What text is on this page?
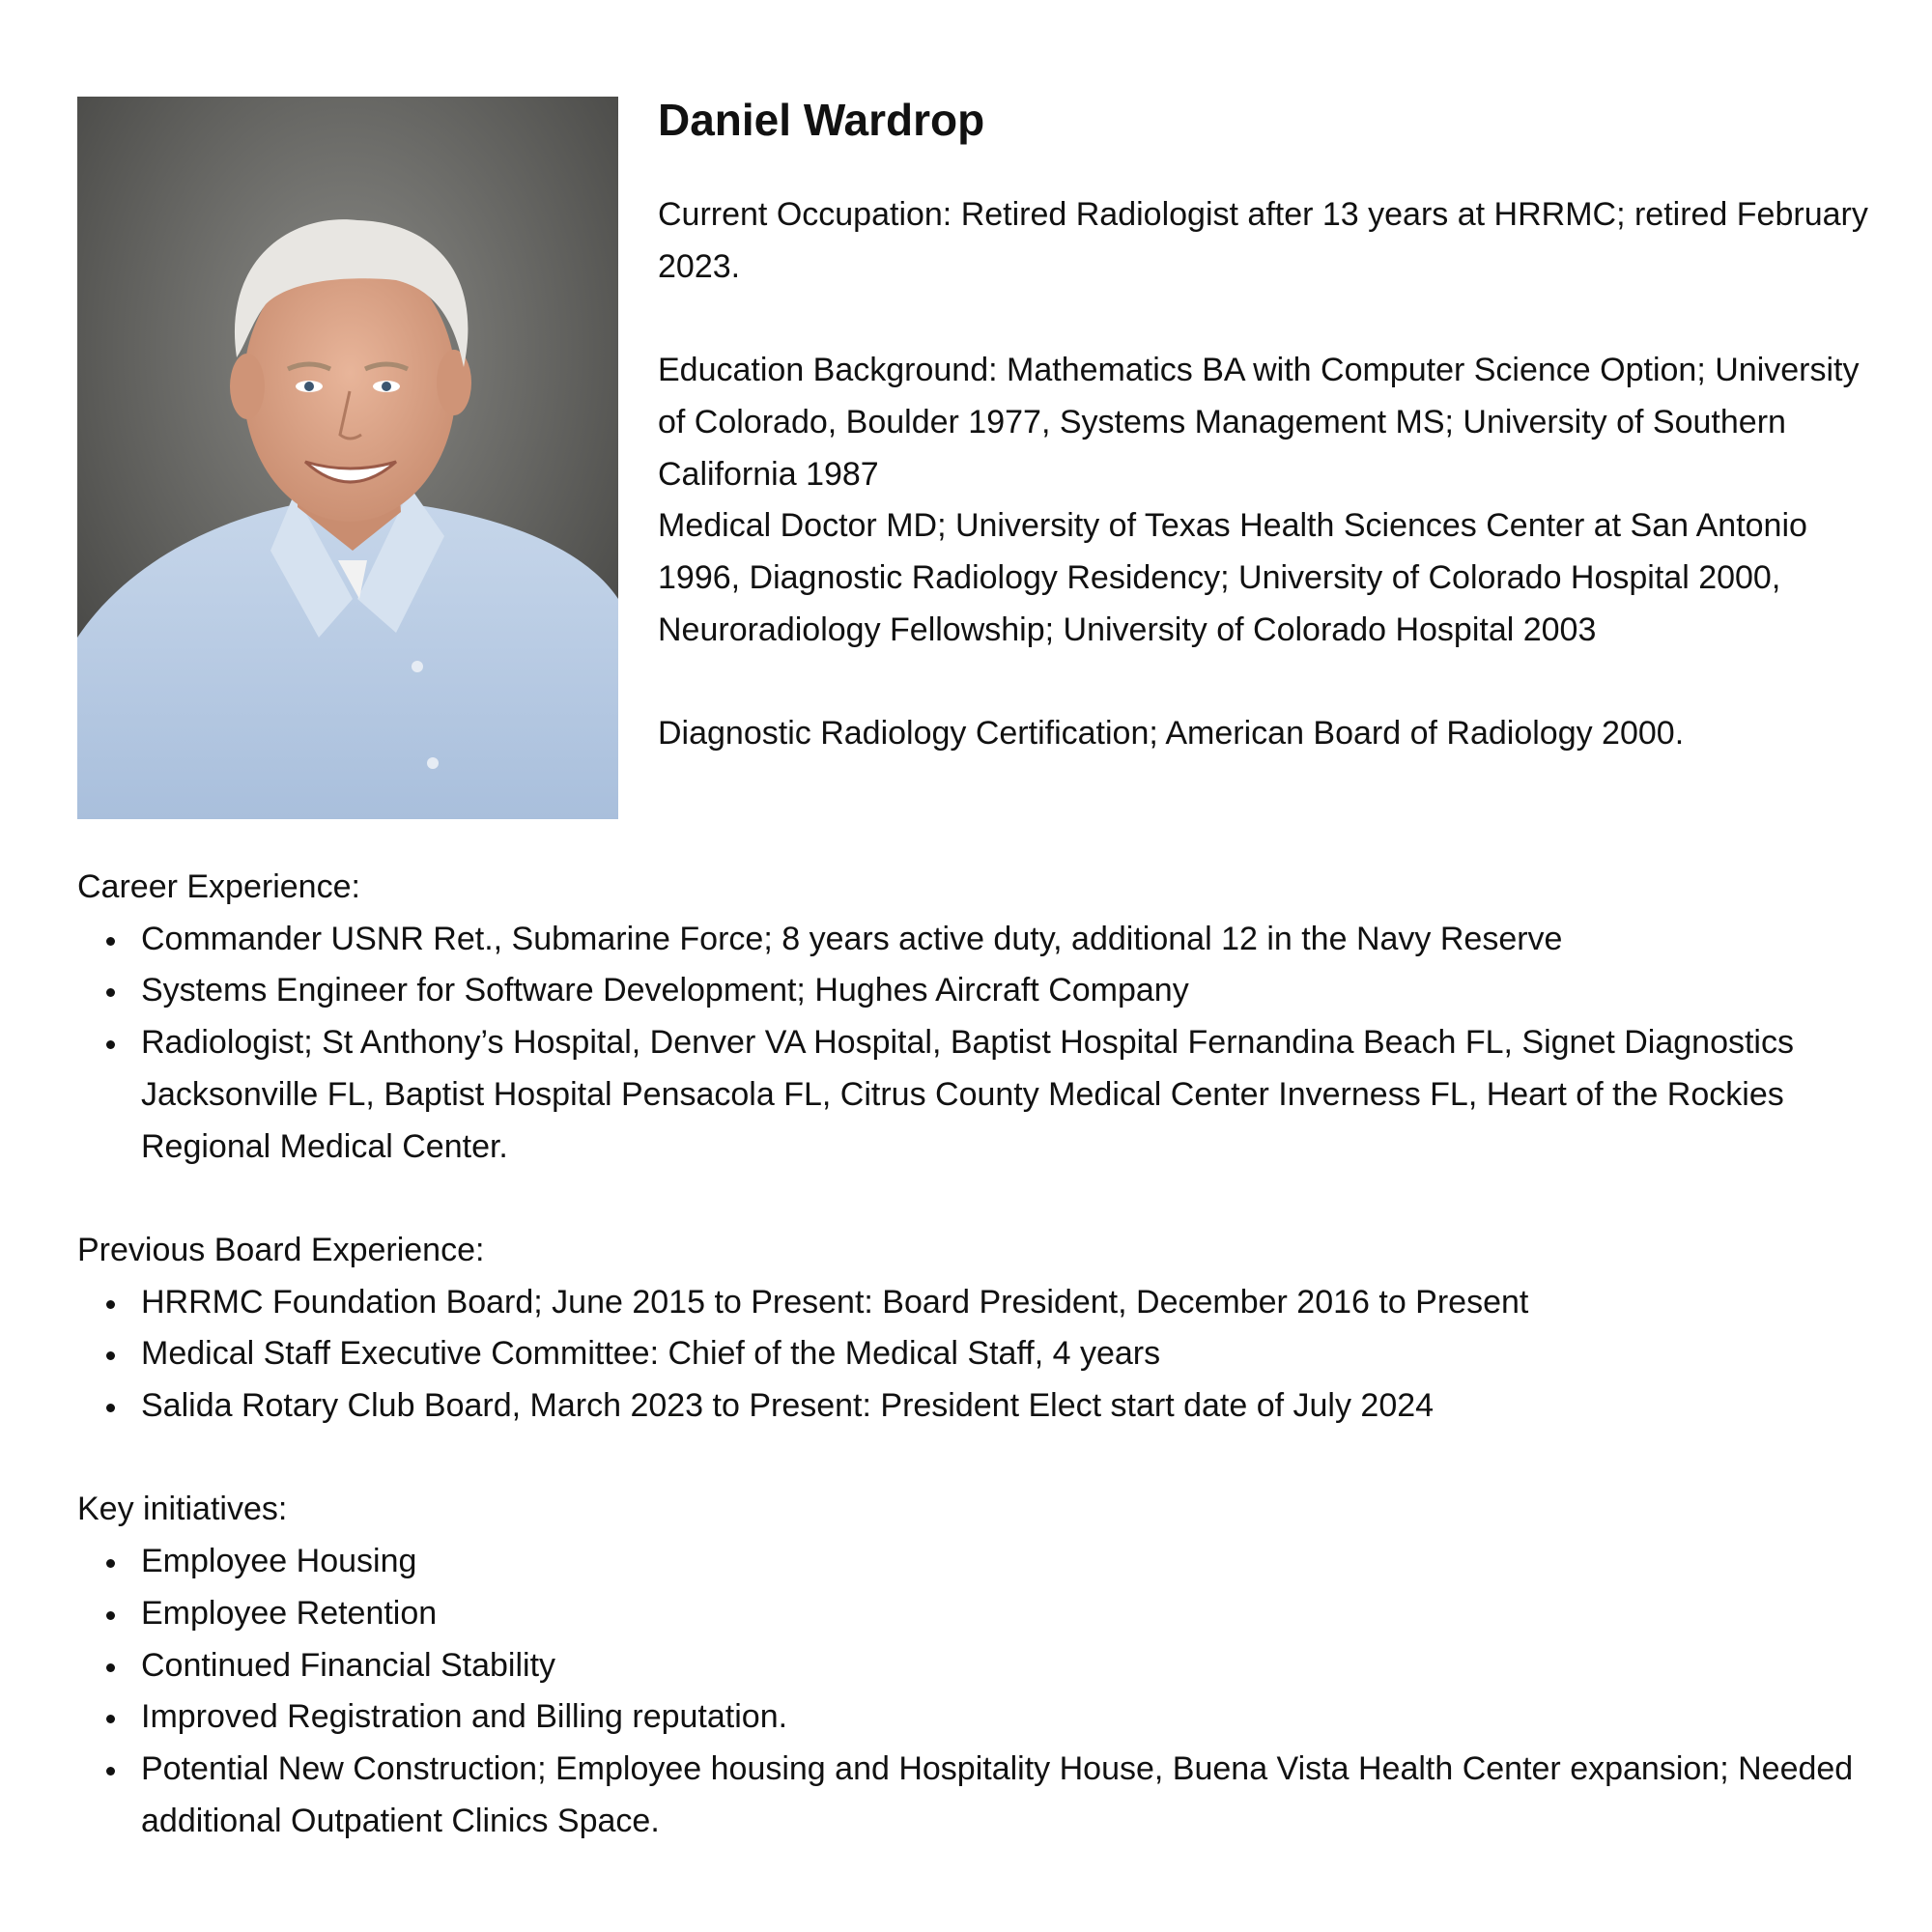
Daniel Wardrop

Current Occupation: Retired Radiologist after 13 years at HRRMC; retired February 2023.

Education Background: Mathematics BA with Computer Science Option; University of Colorado, Boulder 1977, Systems Management MS; University of Southern California 1987

Medical Doctor MD; University of Texas Health Sciences Center at San Antonio 1996, Diagnostic Radiology Residency; University of Colorado Hospital 2000, Neuroradiology Fellowship; University of Colorado Hospital 2003

Diagnostic Radiology Certification; American Board of Radiology 2000.

Career Experience:

Commander USNR Ret., Submarine Force; 8 years active duty, additional 12 in the Navy Reserve
Systems Engineer for Software Development; Hughes Aircraft Company
Radiologist; St Anthony’s Hospital, Denver VA Hospital, Baptist Hospital Fernandina Beach FL, Signet Diagnostics Jacksonville FL, Baptist Hospital Pensacola FL, Citrus County Medical Center Inverness FL, Heart of the Rockies Regional Medical Center.

Previous Board Experience:

HRRMC Foundation Board; June 2015 to Present: Board President, December 2016 to Present
Medical Staff Executive Committee: Chief of the Medical Staff, 4 years
Salida Rotary Club Board, March 2023 to Present: President Elect start date of July 2024

Key initiatives:

Employee Housing
Employee Retention
Continued Financial Stability
Improved Registration and Billing reputation.
Potential New Construction; Employee housing and Hospitality House, Buena Vista Health Center expansion; Needed additional Outpatient Clinics Space.
